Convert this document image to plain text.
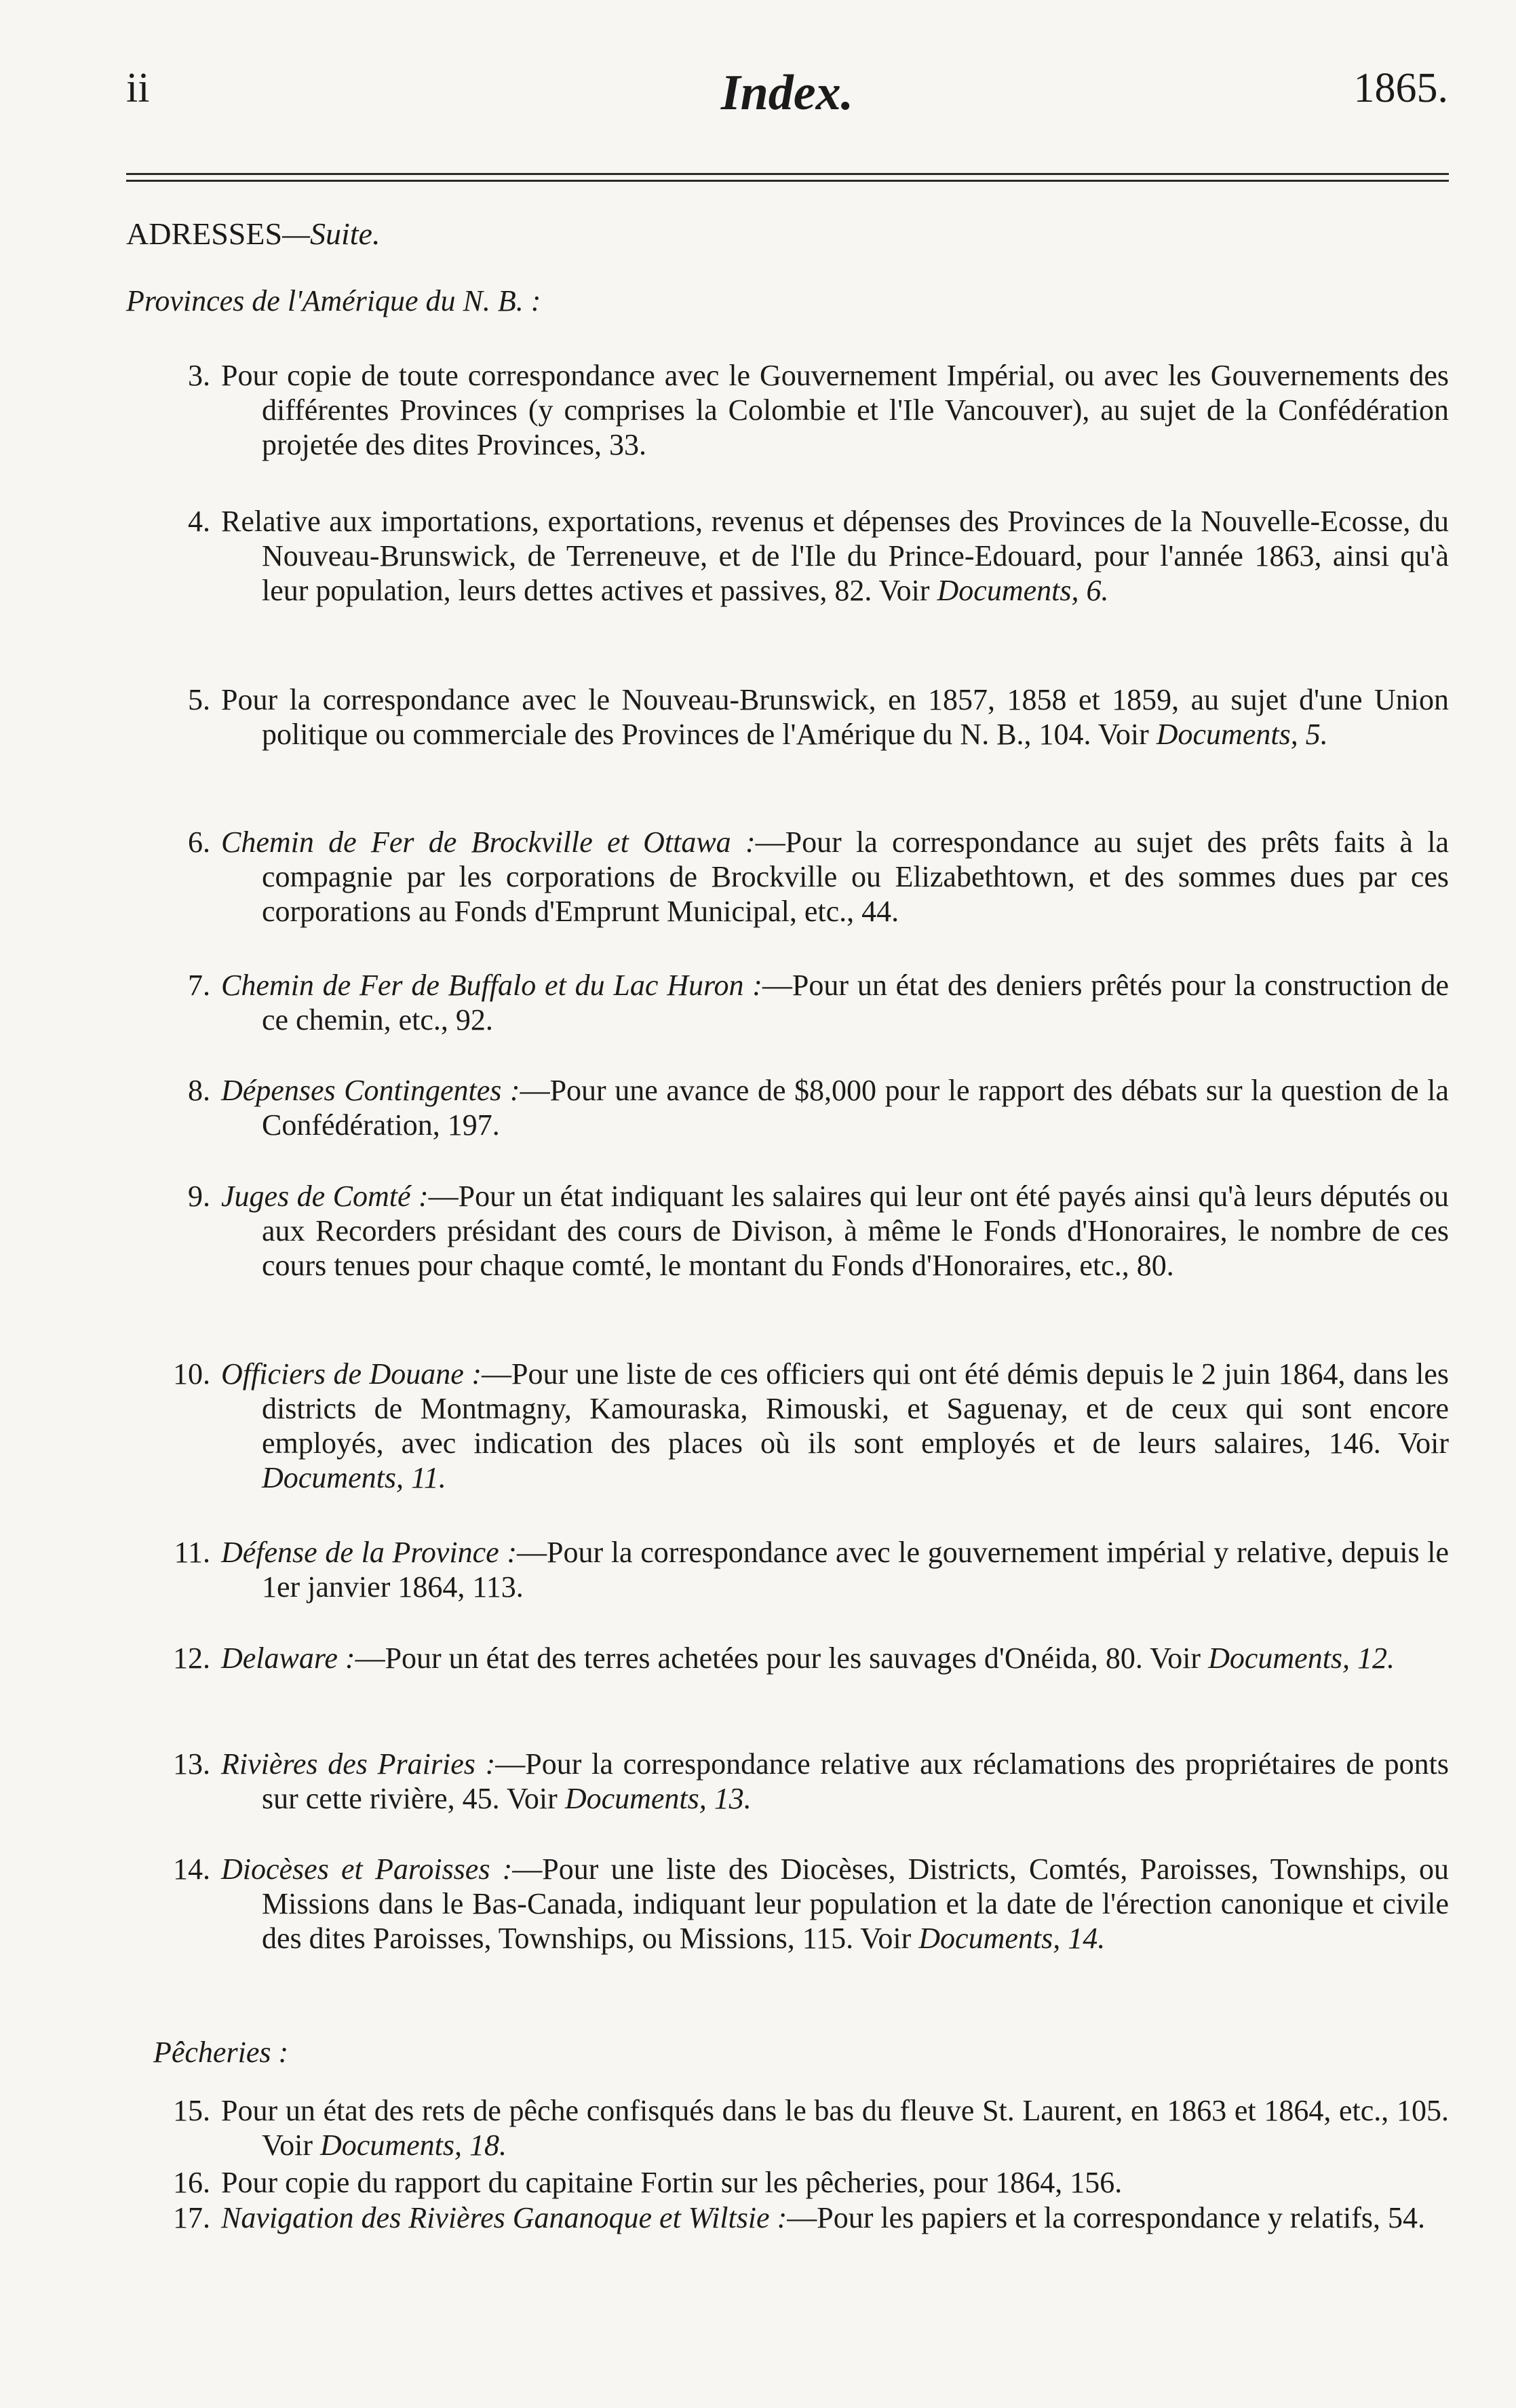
ii	Index.	1865.
ADRESSES—Suite.
Provinces de l'Amérique du N. B. :
3. Pour copie de toute correspondance avec le Gouvernement Impérial, ou avec les Gouvernements des différentes Provinces (y comprises la Colombie et l'Ile Vancouver), au sujet de la Confédération projetée des dites Provinces, 33.
4. Relative aux importations, exportations, revenus et dépenses des Provinces de la Nouvelle-Ecosse, du Nouveau-Brunswick, de Terreneuve, et de l'Ile du Prince-Edouard, pour l'année 1863, ainsi qu'à leur population, leurs dettes actives et passives, 82. Voir Documents, 6.
5. Pour la correspondance avec le Nouveau-Brunswick, en 1857, 1858 et 1859, au sujet d'une Union politique ou commerciale des Provinces de l'Amérique du N. B., 104. Voir Documents, 5.
6. Chemin de Fer de Brockville et Ottawa :—Pour la correspondance au sujet des prêts faits à la compagnie par les corporations de Brockville ou Elizabethtown, et des sommes dues par ces corporations au Fonds d'Emprunt Municipal, etc., 44.
7. Chemin de Fer de Buffalo et du Lac Huron :—Pour un état des deniers prêtés pour la construction de ce chemin, etc., 92.
8. Dépenses Contingentes :—Pour une avance de $8,000 pour le rapport des débats sur la question de la Confédération, 197.
9. Juges de Comté :—Pour un état indiquant les salaires qui leur ont été payés ainsi qu'à leurs députés ou aux Recorders présidant des cours de Divison, à même le Fonds d'Honoraires, le nombre de ces cours tenues pour chaque comté, le montant du Fonds d'Honoraires, etc., 80.
10. Officiers de Douane :—Pour une liste de ces officiers qui ont été démis depuis le 2 juin 1864, dans les districts de Montmagny, Kamouraska, Rimouski, et Saguenay, et de ceux qui sont encore employés, avec indication des places où ils sont employés et de leurs salaires, 146. Voir Documents, 11.
11. Défense de la Province :—Pour la correspondance avec le gouvernement impérial y relative, depuis le 1er janvier 1864, 113.
12. Delaware :—Pour un état des terres achetées pour les sauvages d'Onéida, 80. Voir Documents, 12.
13. Rivières des Prairies :—Pour la correspondance relative aux réclamations des propriétaires de ponts sur cette rivière, 45. Voir Documents, 13.
14. Diocèses et Paroisses :—Pour une liste des Diocèses, Districts, Comtés, Paroisses, Townships, ou Missions dans le Bas-Canada, indiquant leur population et la date de l'érection canonique et civile des dites Paroisses, Townships, ou Missions, 115. Voir Documents, 14.
Pêcheries :
15. Pour un état des rets de pêche confisqués dans le bas du fleuve St. Laurent, en 1863 et 1864, etc., 105. Voir Documents, 18.
16. Pour copie du rapport du capitaine Fortin sur les pêcheries, pour 1864, 156.
17. Navigation des Rivières Gananoque et Wiltsie :—Pour les papiers et la correspondance y relatifs, 54.
